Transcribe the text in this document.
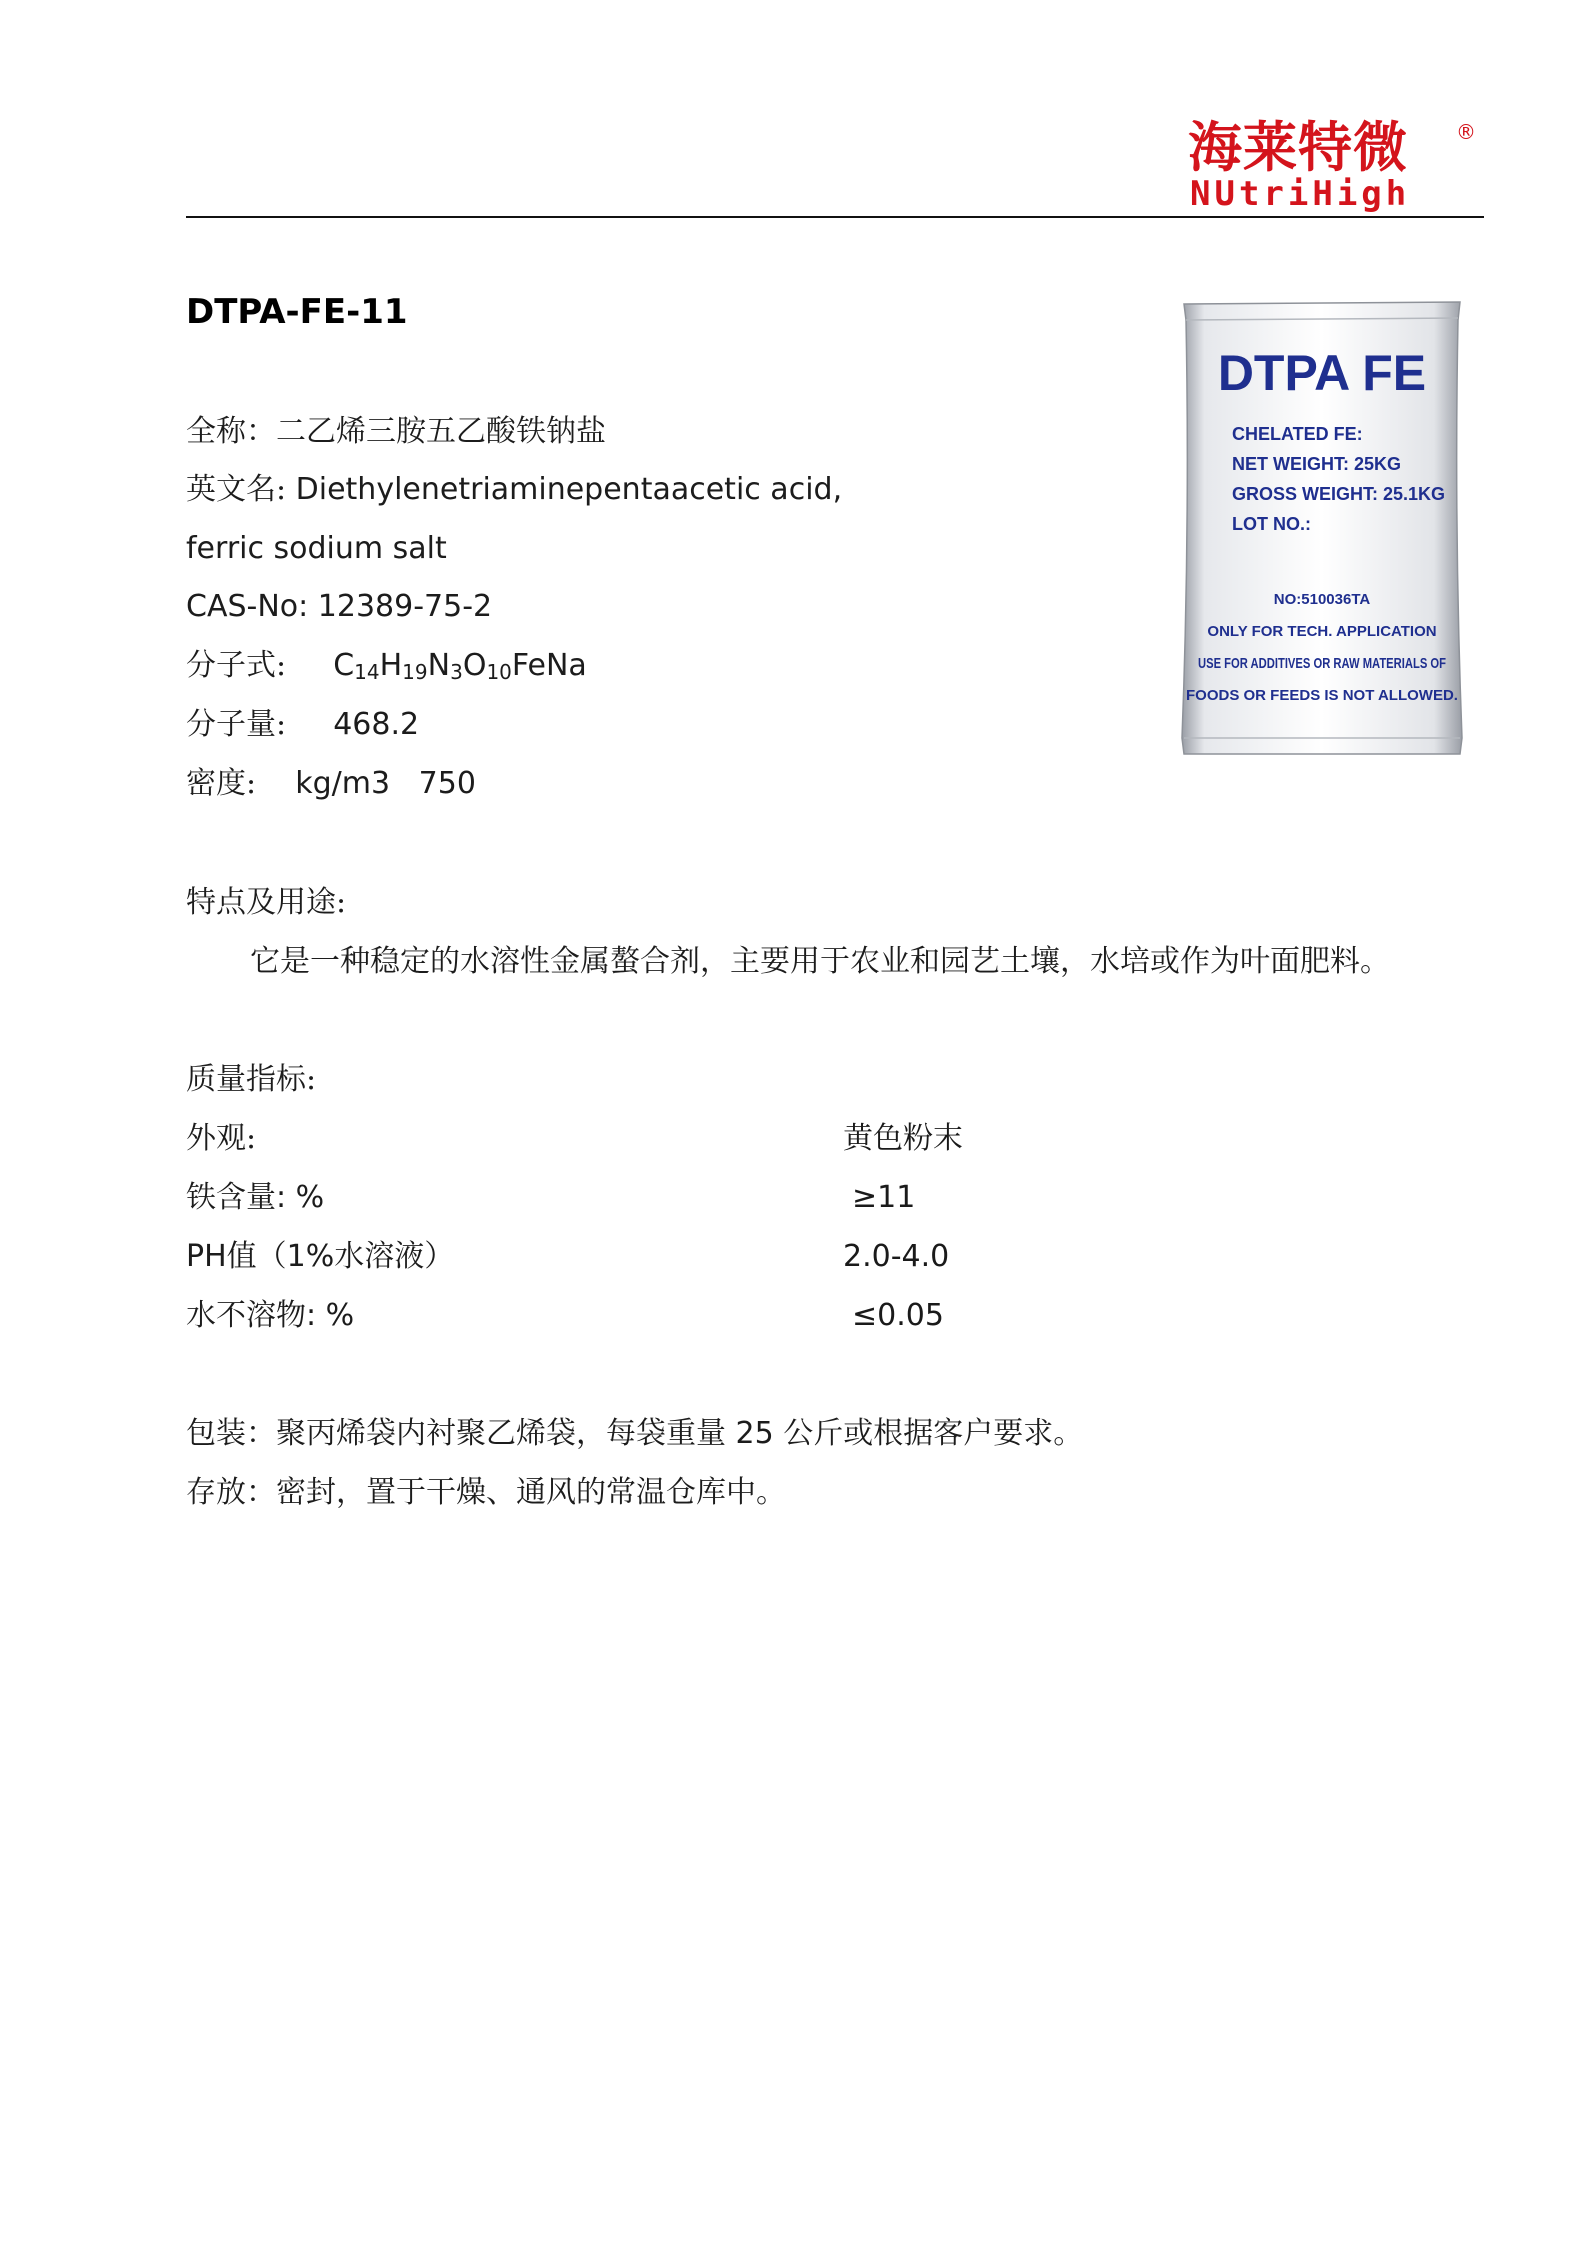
海莱特微
NUtriHigh
®
DTPA-FE-11
全称：二乙烯三胺五乙酸铁钠盐
英文名: Diethylenetriaminepentaacetic acid,
ferric sodium salt
CAS-No: 12389-75-2
分子式: $C_{14}H_{19}N_3O_{10}FeNa$
分子量: 468.2
密度: kg/m3   750
特点及用途:
它是一种稳定的水溶性金属螯合剂，主要用于农业和园艺土壤，水培或作为叶面肥料。
质量指标:
外观:	黄色粉末
铁含量: %	≥11
PH值（1%水溶液）	2.0-4.0
水不溶物: %	≤0.05
包装：聚丙烯袋内衬聚乙烯袋，每袋重量 25 公斤或根据客户要求。
存放：密封，置于干燥、通风的常温仓库中。
DTPA FE
CHELATED FE:
NET WEIGHT: 25KG
GROSS WEIGHT: 25.1KG
LOT NO.:
NO:510036TA
ONLY FOR TECH. APPLICATION
USE FOR ADDITIVES OR RAW MATERIALS OF
FOODS OR FEEDS IS NOT ALLOWED.
